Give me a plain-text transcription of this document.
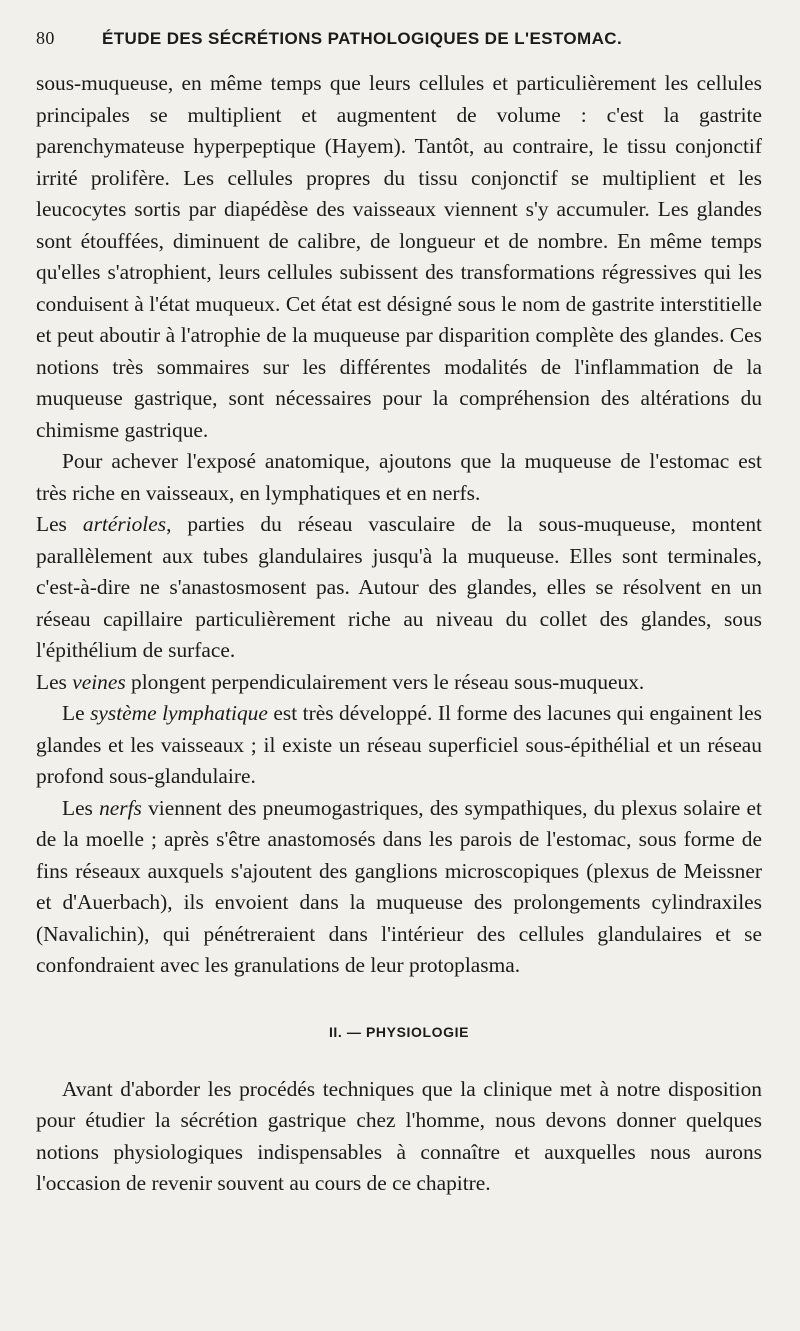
80	ÉTUDE DES SÉCRÉTIONS PATHOLOGIQUES DE L'ESTOMAC.

sous-muqueuse, en même temps que leurs cellules et particulièrement les cellules principales se multiplient et augmentent de volume : c'est la gastrite parenchymateuse hyperpeptique (Hayem). Tantôt, au contraire, le tissu conjonctif irrité prolifère. Les cellules propres du tissu conjonctif se multiplient et les leucocytes sortis par diapédèse des vaisseaux viennent s'y accumuler. Les glandes sont étouffées, diminuent de calibre, de longueur et de nombre. En même temps qu'elles s'atrophient, leurs cellules subissent des transformations régressives qui les conduisent à l'état muqueux. Cet état est désigné sous le nom de gastrite interstitielle et peut aboutir à l'atrophie de la muqueuse par disparition complète des glandes. Ces notions très sommaires sur les différentes modalités de l'inflammation de la muqueuse gastrique, sont nécessaires pour la compréhension des altérations du chimisme gastrique.

Pour achever l'exposé anatomique, ajoutons que la muqueuse de l'estomac est très riche en vaisseaux, en lymphatiques et en nerfs.

Les artérioles, parties du réseau vasculaire de la sous-muqueuse, montent parallèlement aux tubes glandulaires jusqu'à la muqueuse. Elles sont terminales, c'est-à-dire ne s'anastosmosent pas. Autour des glandes, elles se résolvent en un réseau capillaire particulièrement riche au niveau du collet des glandes, sous l'épithélium de surface.

Les veines plongent perpendiculairement vers le réseau sous-muqueux.

Le système lymphatique est très développé. Il forme des lacunes qui engainent les glandes et les vaisseaux ; il existe un réseau superficiel sous-épithélial et un réseau profond sous-glandulaire.

Les nerfs viennent des pneumogastriques, des sympathiques, du plexus solaire et de la moelle ; après s'être anastomosés dans les parois de l'estomac, sous forme de fins réseaux auxquels s'ajoutent des ganglions microscopiques (plexus de Meissner et d'Auerbach), ils envoient dans la muqueuse des prolongements cylindraxiles (Navalichin), qui pénétreraient dans l'intérieur des cellules glandulaires et se confondraient avec les granulations de leur protoplasma.

II. — PHYSIOLOGIE

Avant d'aborder les procédés techniques que la clinique met à notre disposition pour étudier la sécrétion gastrique chez l'homme, nous devons donner quelques notions physiologiques indispensables à connaître et auxquelles nous aurons l'occasion de revenir souvent au cours de ce chapitre.
